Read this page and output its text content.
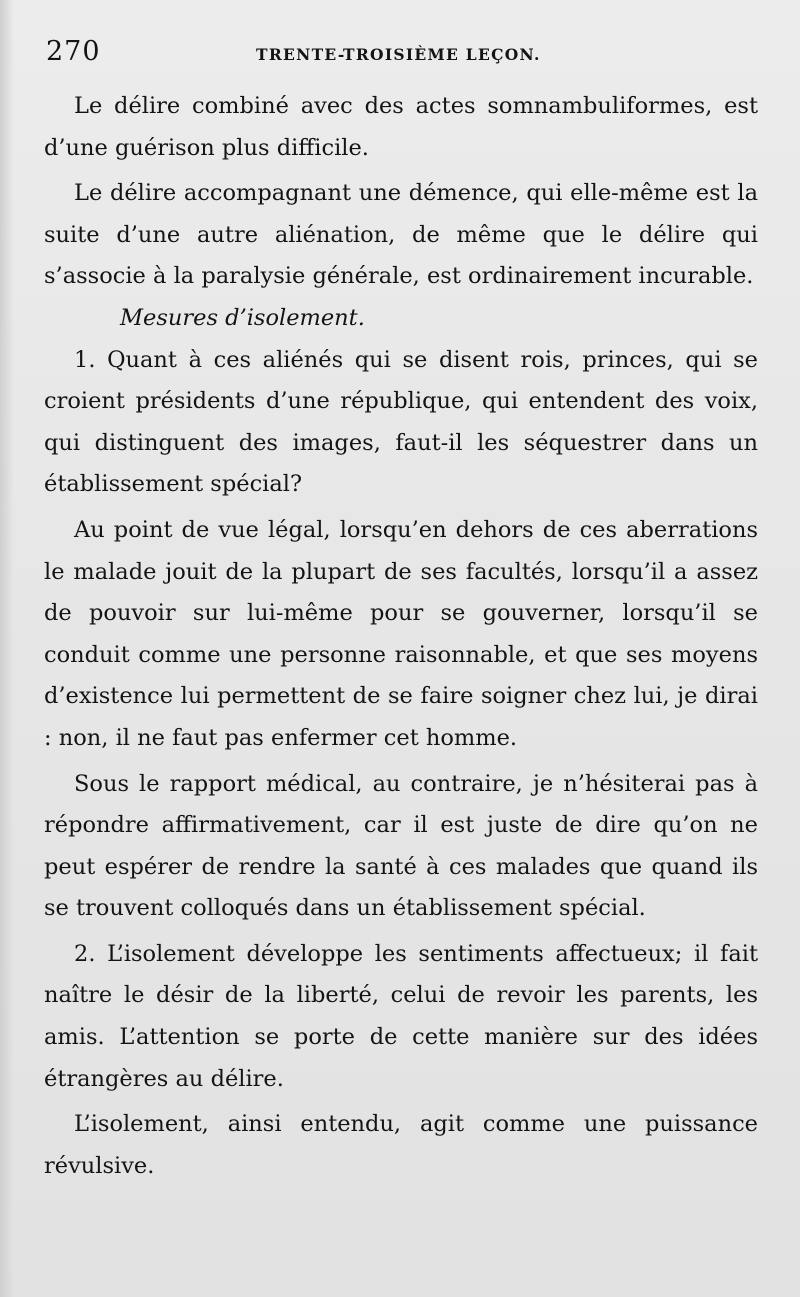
270	TRENTE-TROISIÈME LEÇON.

Le délire combiné avec des actes somnambuliformes, est d’une guérison plus difficile.

Le délire accompagnant une démence, qui elle-même est la suite d’une autre aliénation, de même que le délire qui s’associe à la paralysie générale, est ordinairement incurable.

Mesures d’isolement.

1. Quant à ces aliénés qui se disent rois, princes, qui se croient présidents d’une république, qui entendent des voix, qui distinguent des images, faut-il les séquestrer dans un établissement spécial?

Au point de vue légal, lorsqu’en dehors de ces aberrations le malade jouit de la plupart de ses facultés, lorsqu’il a assez de pouvoir sur lui-même pour se gouverner, lorsqu’il se conduit comme une personne raisonnable, et que ses moyens d’existence lui permettent de se faire soigner chez lui, je dirai : non, il ne faut pas enfermer cet homme.

Sous le rapport médical, au contraire, je n’hésiterai pas à répondre affirmativement, car il est juste de dire qu’on ne peut espérer de rendre la santé à ces malades que quand ils se trouvent colloqués dans un établissement spécial.

2. L’isolement développe les sentiments affectueux; il fait naître le désir de la liberté, celui de revoir les parents, les amis. L’attention se porte de cette manière sur des idées étrangères au délire.

L’isolement, ainsi entendu, agit comme une puissance révulsive.
